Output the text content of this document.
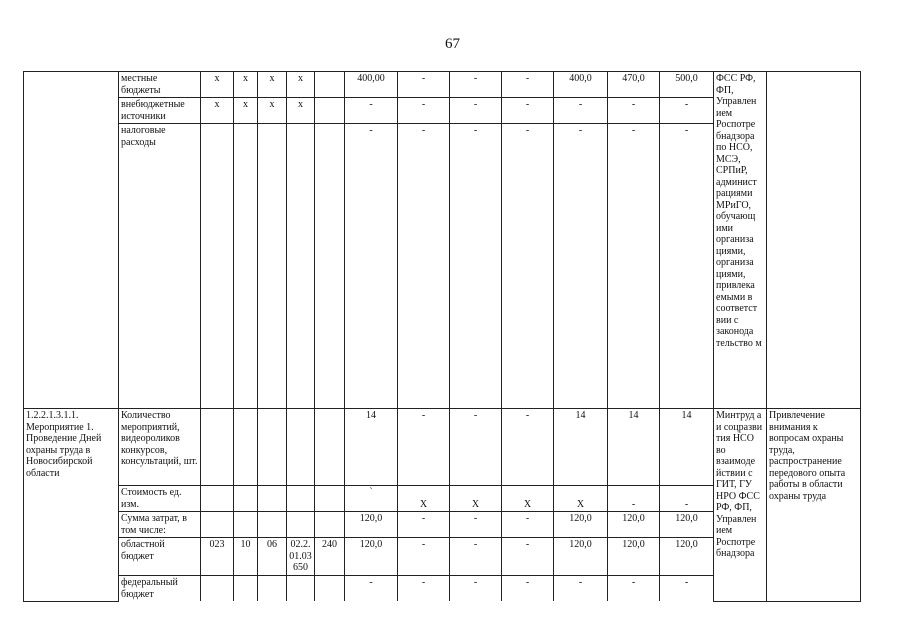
67
	местные бюджеты	х	х	х	х		400,00	-	-	-	400,0	470,0	500,0	ФСС РФ, ФП, Управлен ием Роспотре бнадзора по НСО, МСЭ, СРПиР, админист рациями МРиГО, обучающ ими организа циями, организа циями, привлека емыми в соответст вии с законода тельство м	
	внебюджетные источники	х	х	х	х		-	-	-	-	-	-	-		
	налоговые расходы						-	-	-	-	-	-	-		
1.2.2.1.3.1.1. Мероприятие 1. Проведение Дней охраны труда в Новосибирской области	Количество мероприятий, видеороликов конкурсов, консультаций, шт.						14	-	-	-	14	14	14	Минтруд а и соцразви тия НСО во взаимоде йствии с ГИТ, ГУ НРО ФСС РФ, ФП, Управлен ием Роспотре бнадзора	Привлечение внимания к вопросам охраны труда, распространение передового опыта работы в области охраны труда
	Стоимость ед. изм.						`	Х	Х	Х	Х	-	-		
	Сумма затрат, в том числе:						120,0	-	-	-	120,0	120,0	120,0		
	областной бюджет	023	10	06	02.2.01.03650	240	120,0	-	-	-	120,0	120,0	120,0		
	федеральный бюджет						-	-	-	-	-	-	-		
